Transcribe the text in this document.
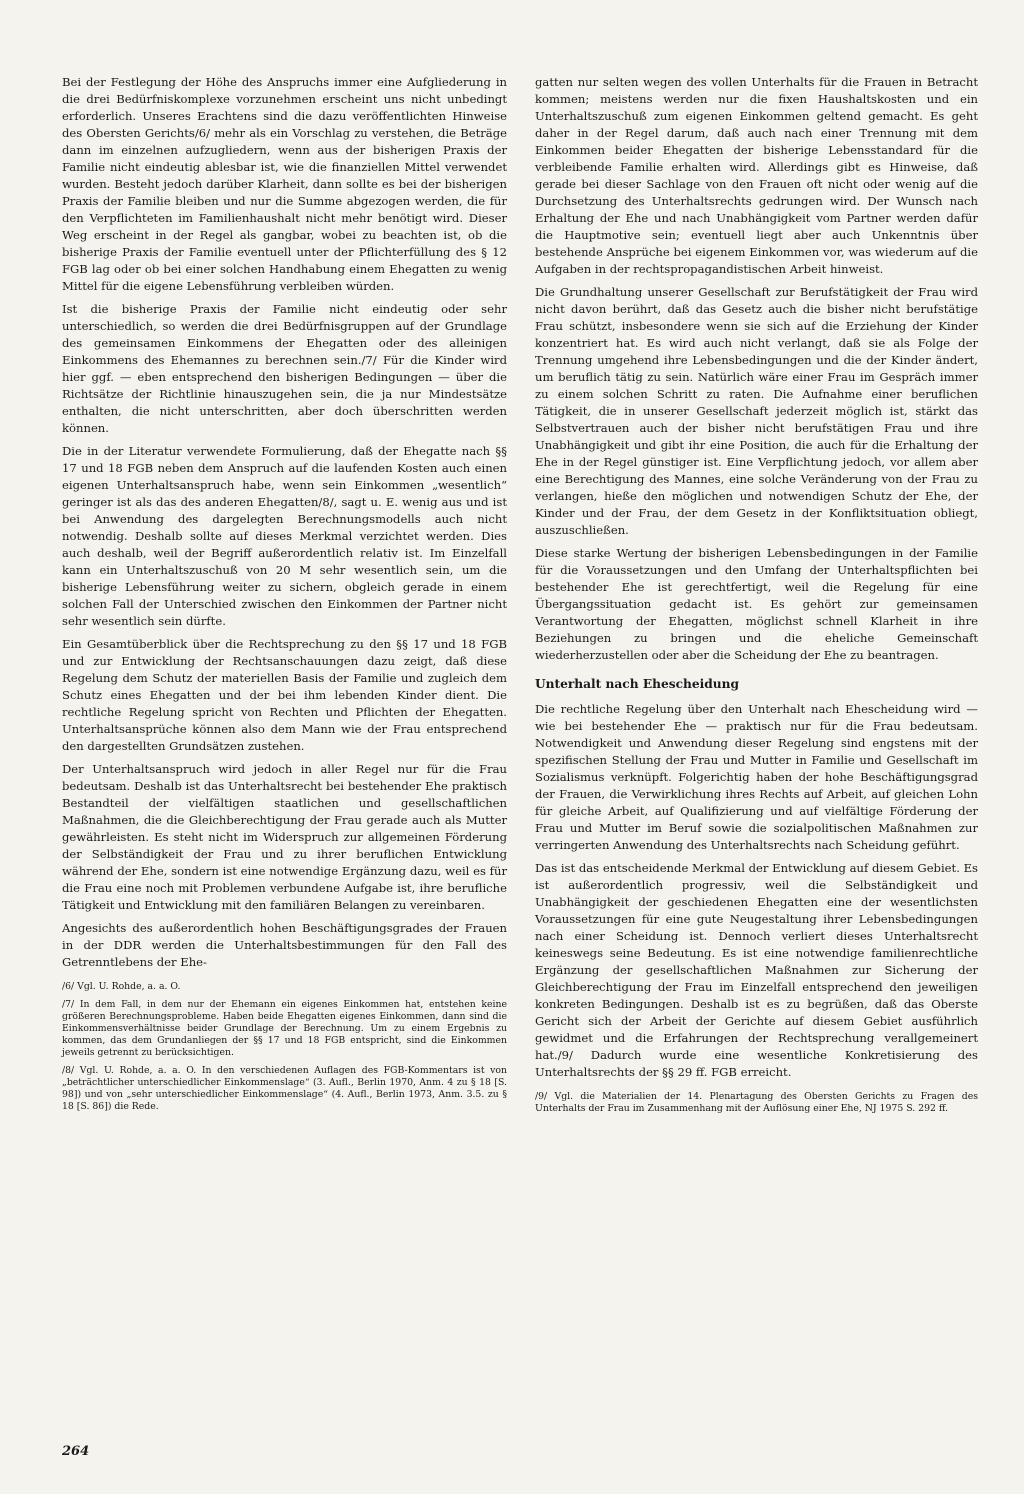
Bei der Festlegung der Höhe des Anspruchs immer eine Aufgliederung in die drei Bedürfniskomplexe vorzunehmen erscheint uns nicht unbedingt erforderlich. Unseres Erachtens sind die dazu veröffentlichten Hinweise des Obersten Gerichts/6/ mehr als ein Vorschlag zu verstehen, die Beträge dann im einzelnen aufzugliedern, wenn aus der bisherigen Praxis der Familie nicht eindeutig ablesbar ist, wie die finanziellen Mittel verwendet wurden. Besteht jedoch darüber Klarheit, dann sollte es bei der bisherigen Praxis der Familie bleiben und nur die Summe abgezogen werden, die für den Verpflichteten im Familienhaushalt nicht mehr benötigt wird. Dieser Weg erscheint in der Regel als gangbar, wobei zu beachten ist, ob die bisherige Praxis der Familie eventuell unter der Pflichterfüllung des § 12 FGB lag oder ob bei einer solchen Handhabung einem Ehegatten zu wenig Mittel für die eigene Lebensführung verbleiben würden.

Ist die bisherige Praxis der Familie nicht eindeutig oder sehr unterschiedlich, so werden die drei Bedürfnisgruppen auf der Grundlage des gemeinsamen Einkommens der Ehegatten oder des alleinigen Einkommens des Ehemannes zu berechnen sein./7/ Für die Kinder wird hier ggf. — eben entsprechend den bisherigen Bedingungen — über die Richtsätze der Richtlinie hinauszugehen sein, die ja nur Mindestsätze enthalten, die nicht unterschritten, aber doch überschritten werden können.

Die in der Literatur verwendete Formulierung, daß der Ehegatte nach §§ 17 und 18 FGB neben dem Anspruch auf die laufenden Kosten auch einen eigenen Unterhaltsanspruch habe, wenn sein Einkommen „wesentlich“ geringer ist als das des anderen Ehegatten/8/, sagt u. E. wenig aus und ist bei Anwendung des dargelegten Berechnungsmodells auch nicht notwendig. Deshalb sollte auf dieses Merkmal verzichtet werden. Dies auch deshalb, weil der Begriff außerordentlich relativ ist. Im Einzelfall kann ein Unterhaltszuschuß von 20 M sehr wesentlich sein, um die bisherige Lebensführung weiter zu sichern, obgleich gerade in einem solchen Fall der Unterschied zwischen den Einkommen der Partner nicht sehr wesentlich sein dürfte.

Ein Gesamtüberblick über die Rechtsprechung zu den §§ 17 und 18 FGB und zur Entwicklung der Rechtsanschauungen dazu zeigt, daß diese Regelung dem Schutz der materiellen Basis der Familie und zugleich dem Schutz eines Ehegatten und der bei ihm lebenden Kinder dient. Die rechtliche Regelung spricht von Rechten und Pflichten der Ehegatten. Unterhaltsansprüche können also dem Mann wie der Frau entsprechend den dargestellten Grundsätzen zustehen.

Der Unterhaltsanspruch wird jedoch in aller Regel nur für die Frau bedeutsam. Deshalb ist das Unterhaltsrecht bei bestehender Ehe praktisch Bestandteil der vielfältigen staatlichen und gesellschaftlichen Maßnahmen, die die Gleichberechtigung der Frau gerade auch als Mutter gewährleisten. Es steht nicht im Widerspruch zur allgemeinen Förderung der Selbständigkeit der Frau und zu ihrer beruflichen Entwicklung während der Ehe, sondern ist eine notwendige Ergänzung dazu, weil es für die Frau eine noch mit Problemen verbundene Aufgabe ist, ihre berufliche Tätigkeit und Entwicklung mit den familiären Belangen zu vereinbaren.

Angesichts des außerordentlich hohen Beschäftigungsgrades der Frauen in der DDR werden die Unterhaltsbestimmungen für den Fall des Getrenntlebens der Ehe-

/6/ Vgl. U. Rohde, a. a. O.

/7/ In dem Fall, in dem nur der Ehemann ein eigenes Einkommen hat, entstehen keine größeren Berechnungsprobleme. Haben beide Ehegatten eigenes Einkommen, dann sind die Einkommensverhältnisse beider Grundlage der Berechnung. Um zu einem Ergebnis zu kommen, das dem Grundanliegen der §§ 17 und 18 FGB entspricht, sind die Einkommen jeweils getrennt zu berücksichtigen.

/8/ Vgl. U. Rohde, a. a. O. In den verschiedenen Auflagen des FGB-Kommentars ist von „beträchtlicher unterschiedlicher Einkommenslage“ (3. Aufl., Berlin 1970, Anm. 4 zu § 18 [S. 98]) und von „sehr unterschiedlicher Einkommenslage“ (4. Aufl., Berlin 1973, Anm. 3.5. zu § 18 [S. 86]) die Rede.

gatten nur selten wegen des vollen Unterhalts für die Frauen in Betracht kommen; meistens werden nur die fixen Haushaltskosten und ein Unterhaltszuschuß zum eigenen Einkommen geltend gemacht. Es geht daher in der Regel darum, daß auch nach einer Trennung mit dem Einkommen beider Ehegatten der bisherige Lebensstandard für die verbleibende Familie erhalten wird. Allerdings gibt es Hinweise, daß gerade bei dieser Sachlage von den Frauen oft nicht oder wenig auf die Durchsetzung des Unterhaltsrechts gedrungen wird. Der Wunsch nach Erhaltung der Ehe und nach Unabhängigkeit vom Partner werden dafür die Hauptmotive sein; eventuell liegt aber auch Unkenntnis über bestehende Ansprüche bei eigenem Einkommen vor, was wiederum auf die Aufgaben in der rechtspropagandistischen Arbeit hinweist.

Die Grundhaltung unserer Gesellschaft zur Berufstätigkeit der Frau wird nicht davon berührt, daß das Gesetz auch die bisher nicht berufstätige Frau schützt, insbesondere wenn sie sich auf die Erziehung der Kinder konzentriert hat. Es wird auch nicht verlangt, daß sie als Folge der Trennung umgehend ihre Lebensbedingungen und die der Kinder ändert, um beruflich tätig zu sein. Natürlich wäre einer Frau im Gespräch immer zu einem solchen Schritt zu raten. Die Aufnahme einer beruflichen Tätigkeit, die in unserer Gesellschaft jederzeit möglich ist, stärkt das Selbstvertrauen auch der bisher nicht berufstätigen Frau und ihre Unabhängigkeit und gibt ihr eine Position, die auch für die Erhaltung der Ehe in der Regel günstiger ist. Eine Verpflichtung jedoch, vor allem aber eine Berechtigung des Mannes, eine solche Veränderung von der Frau zu verlangen, hieße den möglichen und notwendigen Schutz der Ehe, der Kinder und der Frau, der dem Gesetz in der Konfliktsituation obliegt, auszuschließen.

Diese starke Wertung der bisherigen Lebensbedingungen in der Familie für die Voraussetzungen und den Umfang der Unterhaltspflichten bei bestehender Ehe ist gerechtfertigt, weil die Regelung für eine Übergangssituation gedacht ist. Es gehört zur gemeinsamen Verantwortung der Ehegatten, möglichst schnell Klarheit in ihre Beziehungen zu bringen und die eheliche Gemeinschaft wiederherzustellen oder aber die Scheidung der Ehe zu beantragen.

Unterhalt nach Ehescheidung

Die rechtliche Regelung über den Unterhalt nach Ehescheidung wird — wie bei bestehender Ehe — praktisch nur für die Frau bedeutsam. Notwendigkeit und Anwendung dieser Regelung sind engstens mit der spezifischen Stellung der Frau und Mutter in Familie und Gesellschaft im Sozialismus verknüpft. Folgerichtig haben der hohe Beschäftigungsgrad der Frauen, die Verwirklichung ihres Rechts auf Arbeit, auf gleichen Lohn für gleiche Arbeit, auf Qualifizierung und auf vielfältige Förderung der Frau und Mutter im Beruf sowie die sozialpolitischen Maßnahmen zur verringerten Anwendung des Unterhaltsrechts nach Scheidung geführt.

Das ist das entscheidende Merkmal der Entwicklung auf diesem Gebiet. Es ist außerordentlich progressiv, weil die Selbständigkeit und Unabhängigkeit der geschiedenen Ehegatten eine der wesentlichsten Voraussetzungen für eine gute Neugestaltung ihrer Lebensbedingungen nach einer Scheidung ist. Dennoch verliert dieses Unterhaltsrecht keineswegs seine Bedeutung. Es ist eine notwendige familienrechtliche Ergänzung der gesellschaftlichen Maßnahmen zur Sicherung der Gleichberechtigung der Frau im Einzelfall entsprechend den jeweiligen konkreten Bedingungen. Deshalb ist es zu begrüßen, daß das Oberste Gericht sich der Arbeit der Gerichte auf diesem Gebiet ausführlich gewidmet und die Erfahrungen der Rechtsprechung verallgemeinert hat./9/ Dadurch wurde eine wesentliche Konkretisierung des Unterhaltsrechts der §§ 29 ff. FGB erreicht.

/9/ Vgl. die Materialien der 14. Plenartagung des Obersten Gerichts zu Fragen des Unterhalts der Frau im Zusammenhang mit der Auflösung einer Ehe, NJ 1975 S. 292 ff.

264
